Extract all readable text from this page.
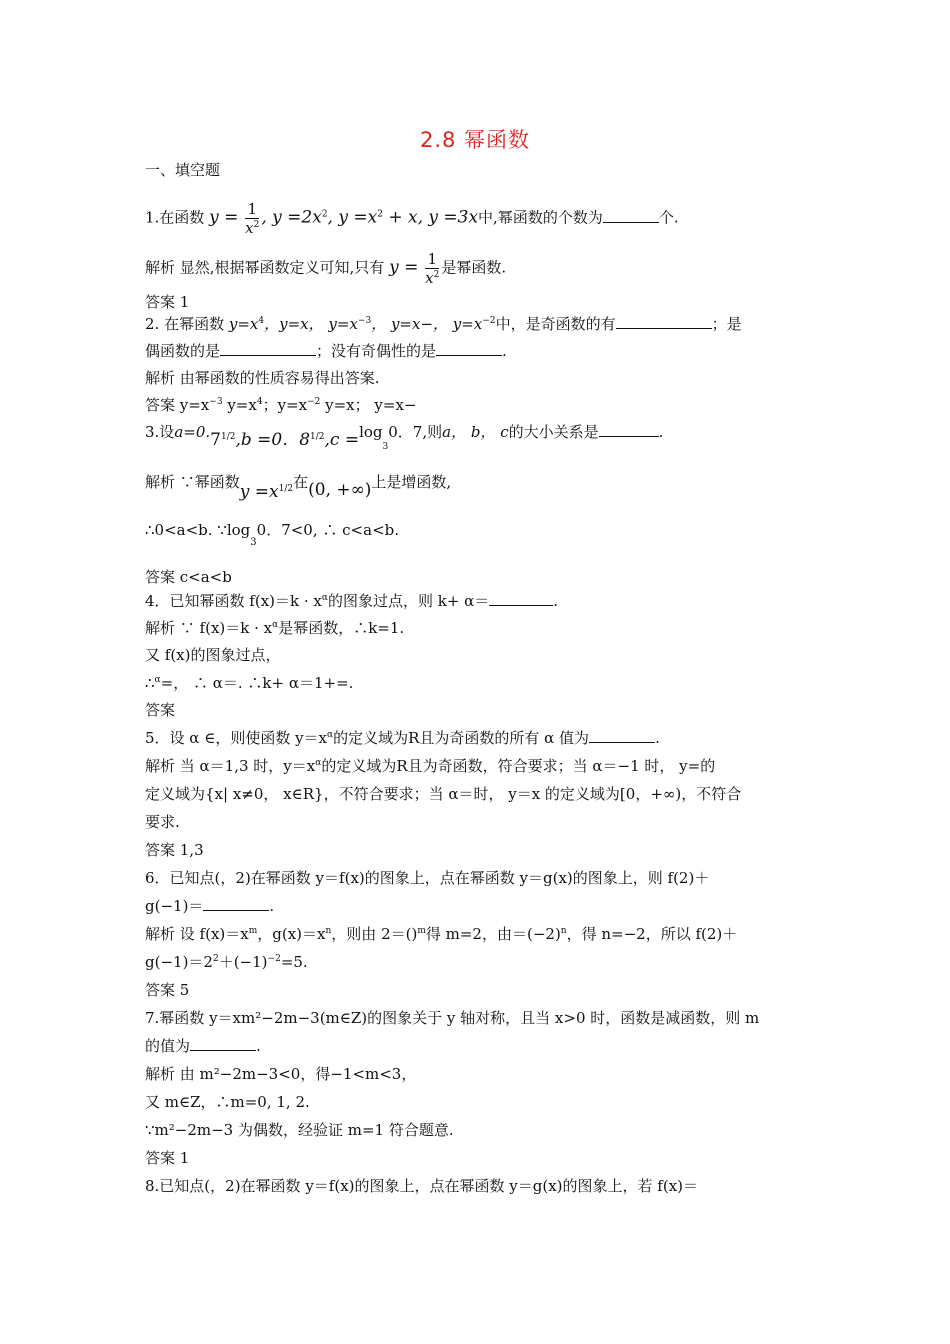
2.8 幂函数
一、填空题
1.在函数 $y = \frac{1}{x^2}$ , $y =2x^2$, $y =x^2 + x$, y =3x中,幂函数的个数为	个.
解析 显然,根据幂函数定义可知,只有 $y = \frac{1}{x^2}$ 是幂函数.
答案 1
2. 在幂函数 $y=x^4$，y=x， $y=x^{-3}$， y=x−， $y=x^{-2}$中，是奇函数的有	；是
偶函数的是	；没有奇偶性的是	.
解析 由幂函数的性质容易得出答案.
答案 $y=x^{-3}$ $y=x^4$；$y=x^{-2}$ y=x； y=x−
3.设$a=0.7^{1/2},b =0$．$8^{1/2},c =\log_30$．7,则a， b， c的大小关系是	.
解析 ∵幂函数$y =x^{1/2}$在(0, +∞)上是增函数,
∴0<a<b. $\because\log_30$．7<0, ∴ c<a<b.
答案 c<a<b
4．已知幂函数 $f(x)=k \cdot x^\alpha$的图象过点，则 k+ α＝	.
解析 ∵ $f(x)=k \cdot x^\alpha$是幂函数，∴k=1.
又 f(x)的图象过点，
∴$^\alpha$=， ∴ α＝. ∴k+ α＝1+=.
答案
5．设 α ∈，则使函数 $y=x^\alpha$的定义域为R且为奇函数的所有 α 值为	.
解析 当 α＝1,3 时，$y=x^\alpha$的定义域为R且为奇函数，符合要求；当 α＝−1 时， y=的
定义域为{x| x≠0， x∈R}，不符合要求；当 α＝时， y＝x 的定义域为[0，+∞)，不符合
要求.
答案 1,3
6．已知点(，2)在幂函数 y＝f(x)的图象上，点在幂函数 y＝g(x)的图象上，则 f(2)＋
g(−1)＝	.
解析 设 $f(x)=x^m$，$g(x)=x^n$，则由 2＝()$^m$得 m=2，由$=(-2)^n$，得 n=−2，所以 f(2)＋
$g(-1)=2^2+(-1)^{-2}=5$.
答案 5
7.幂函数 y＝xm²−2m−3(m∈Z)的图象关于 y 轴对称，且当 x>0 时，函数是减函数，则 m
的值为	.
解析 由 m²−2m−3<0，得−1<m<3，
又 m∈Z，∴m=0, 1, 2.
∵m²−2m−3 为偶数，经验证 m=1 符合题意.
答案 1
8.已知点(，2)在幂函数 y＝f(x)的图象上，点在幂函数 y＝g(x)的图象上，若 f(x)＝
